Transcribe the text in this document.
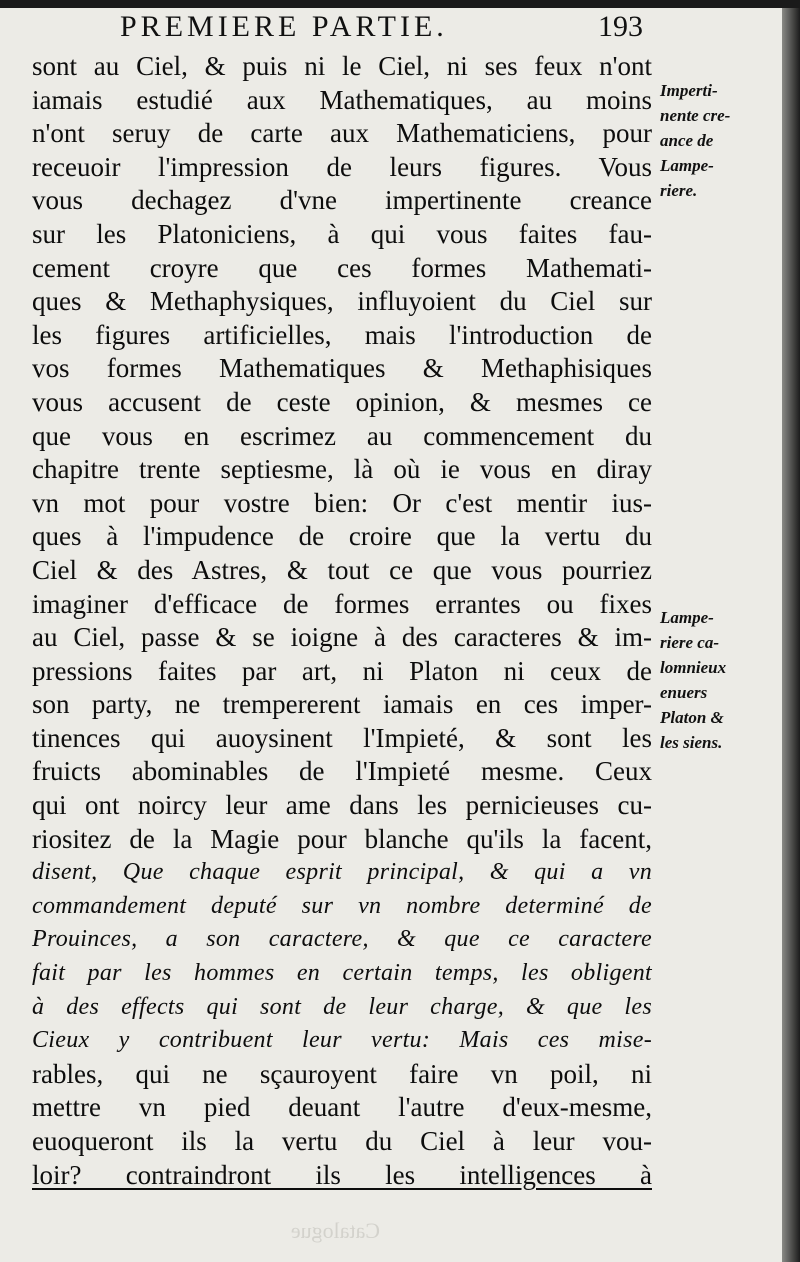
PREMIERE PARTIE.	193
sont au Ciel, & puis ni le Ciel, ni ses feux n'ont
iamais estudié aux Mathematiques, au moins
n'ont seruy de carte aux Mathematiciens, pour
receuoir l'impression de leurs figures. Vous
vous dechagez d'vne impertinente creance
sur les Platoniciens, à qui vous faites fau-
cement croyre que ces formes Mathemati-
ques & Methaphysiques, influyoient du Ciel sur
les figures artificielles, mais l'introduction de
vos formes Mathematiques & Methaphisiques
vous accusent de ceste opinion, & mesmes ce
que vous en escrimez au commencement du
chapitre trente septiesme, là où ie vous en diray
vn mot pour vostre bien: Or c'est mentir ius-
ques à l'impudence de croire que la vertu du
Ciel & des Astres, & tout ce que vous pourriez
imaginer d'efficace de formes errantes ou fixes
au Ciel, passe & se ioigne à des caracteres & im-
pressions faites par art, ni Platon ni ceux de
son party, ne trempererent iamais en ces imper-
tinences qui auoysinent l'Impieté, & sont les
fruicts abominables de l'Impieté mesme. Ceux
qui ont noircy leur ame dans les pernicieuses cu-
riositez de la Magie pour blanche qu'ils la facent,
disent, Que chaque esprit principal, & qui a vn
commandement deputé sur vn nombre determiné de
Prouinces, a son caractere, & que ce caractere
fait par les hommes en certain temps, les obligent
à des effects qui sont de leur charge, & que les
Cieux y contribuent leur vertu: Mais ces mise-
rables, qui ne sçauroyent faire vn poil, ni
mettre vn pied deuant l'autre d'eux-mesme,
euoqueront ils la vertu du Ciel à leur vou-
loir? contraindront ils les intelligences à
Imperti-
nente cre-
ance de
Lampe-
riere.
Lampe-
riere ca-
lomnieux
enuers
Platon &
les siens.
Catalogue
